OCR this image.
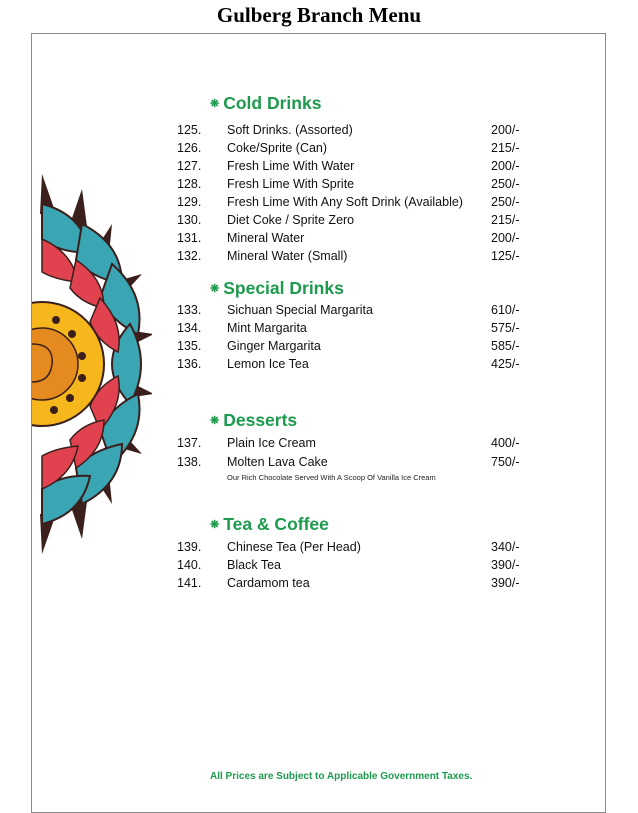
Gulberg Branch Menu
❋ Cold Drinks
125. Soft Drinks. (Assorted)	200/-
126. Coke/Sprite (Can)	215/-
127. Fresh Lime With Water	200/-
128. Fresh Lime With Sprite	250/-
129. Fresh Lime With Any Soft Drink (Available)	250/-
130. Diet Coke / Sprite Zero	215/-
131. Mineral Water	200/-
132. Mineral Water (Small)	125/-
❋ Special Drinks
133. Sichuan Special Margarita	610/-
134. Mint Margarita	575/-
135. Ginger Margarita	585/-
136. Lemon Ice Tea	425/-
❋ Desserts
137. Plain Ice Cream	400/-
138. Molten Lava Cake	750/-
Our Rich Chocolate Served With A Scoop Of Vanilla Ice Cream
❋ Tea & Coffee
139. Chinese Tea (Per Head)	340/-
140. Black Tea	390/-
141. Cardamom tea	390/-
All Prices are Subject to Applicable Government Taxes.
